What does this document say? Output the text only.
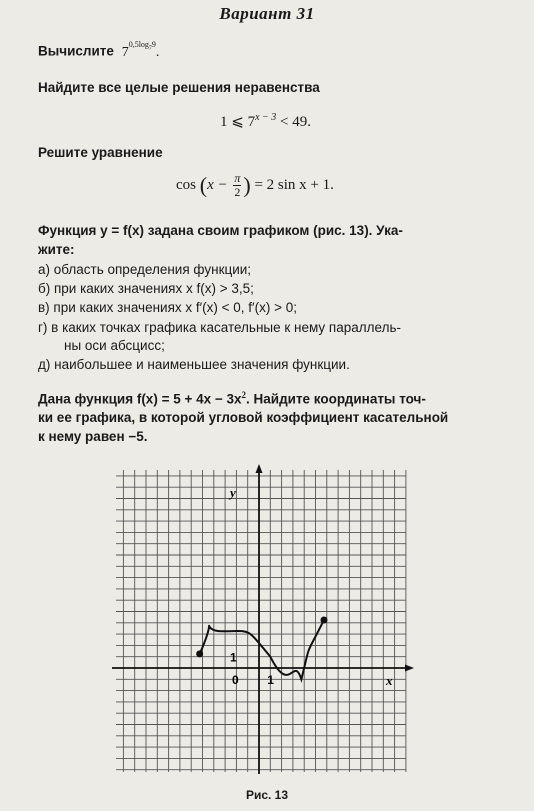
Вариант 31
Вычислите $7^{0,5log_79}$.
Найдите все целые решения неравенства
1 ⩽ $7^{x - 3} < 49$.
Решите уравнение
$\cos (x - \frac{\pi}{2}$ ) = 2 sin x + 1.
Функция y = f(x) задана своим графиком (рис. 13). Ука-
жите:
а) область определения функции;
б) при каких значениях x f(x) > 3,5;
в) при каких значениях x f′(x) < 0, f′(x) > 0;
г) в каких точках графика касательные к нему параллель-
ны оси абсцисс;
д) наибольшее и наименьшее значения функции.
Дана функция $f(x) = 5 + 4x - 3x^2$. Найдите координаты точ-
ки ее графика, в которой угловой коэффициент касательной
к нему равен −5.
y
x
0 1
1
Рис. 13
